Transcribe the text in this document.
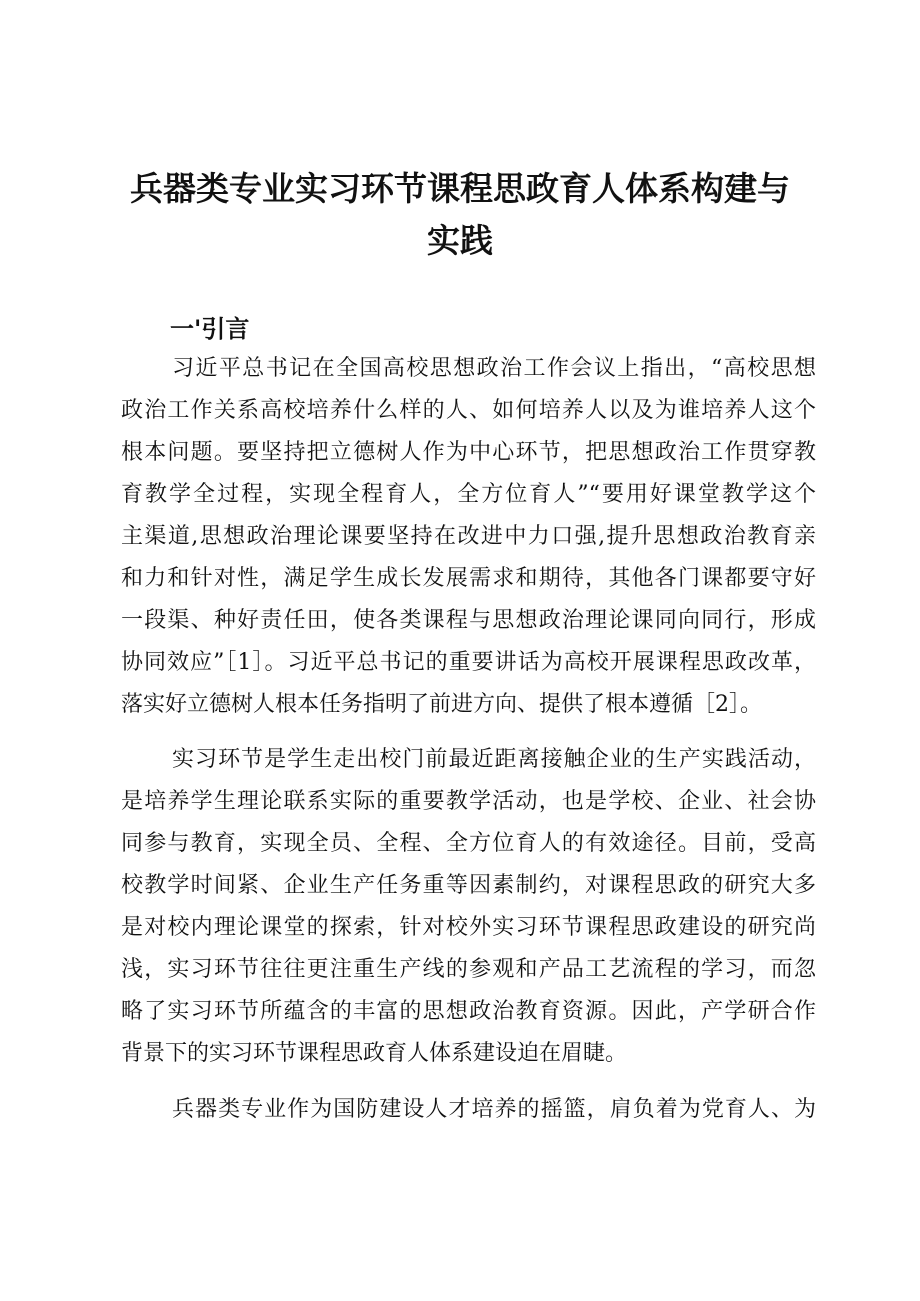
兵器类专业实习环节课程思政育人体系构建与
实践
一'引言
习近平总书记在全国高校思想政治工作会议上指出，“高校思想
政治工作关系高校培养什么样的人、如何培养人以及为谁培养人这个
根本问题。要坚持把立德树人作为中心环节，把思想政治工作贯穿教
育教学全过程，实现全程育人，全方位育人”“要用好课堂教学这个
主渠道,思想政治理论课要坚持在改进中力口强,提升思想政治教育亲
和力和针对性，满足学生成长发展需求和期待，其他各门课都要守好
一段渠、种好责任田，使各类课程与思想政治理论课同向同行，形成
协同效应”［1］。习近平总书记的重要讲话为高校开展课程思政改革，
落实好立德树人根本任务指明了前进方向、提供了根本遵循［2］。
实习环节是学生走出校门前最近距离接触企业的生产实践活动，
是培养学生理论联系实际的重要教学活动，也是学校、企业、社会协
同参与教育，实现全员、全程、全方位育人的有效途径。目前，受高
校教学时间紧、企业生产任务重等因素制约，对课程思政的研究大多
是对校内理论课堂的探索，针对校外实习环节课程思政建设的研究尚
浅，实习环节往往更注重生产线的参观和产品工艺流程的学习，而忽
略了实习环节所蕴含的丰富的思想政治教育资源。因此，产学研合作
背景下的实习环节课程思政育人体系建设迫在眉睫。
兵器类专业作为国防建设人才培养的摇篮，肩负着为党育人、为
